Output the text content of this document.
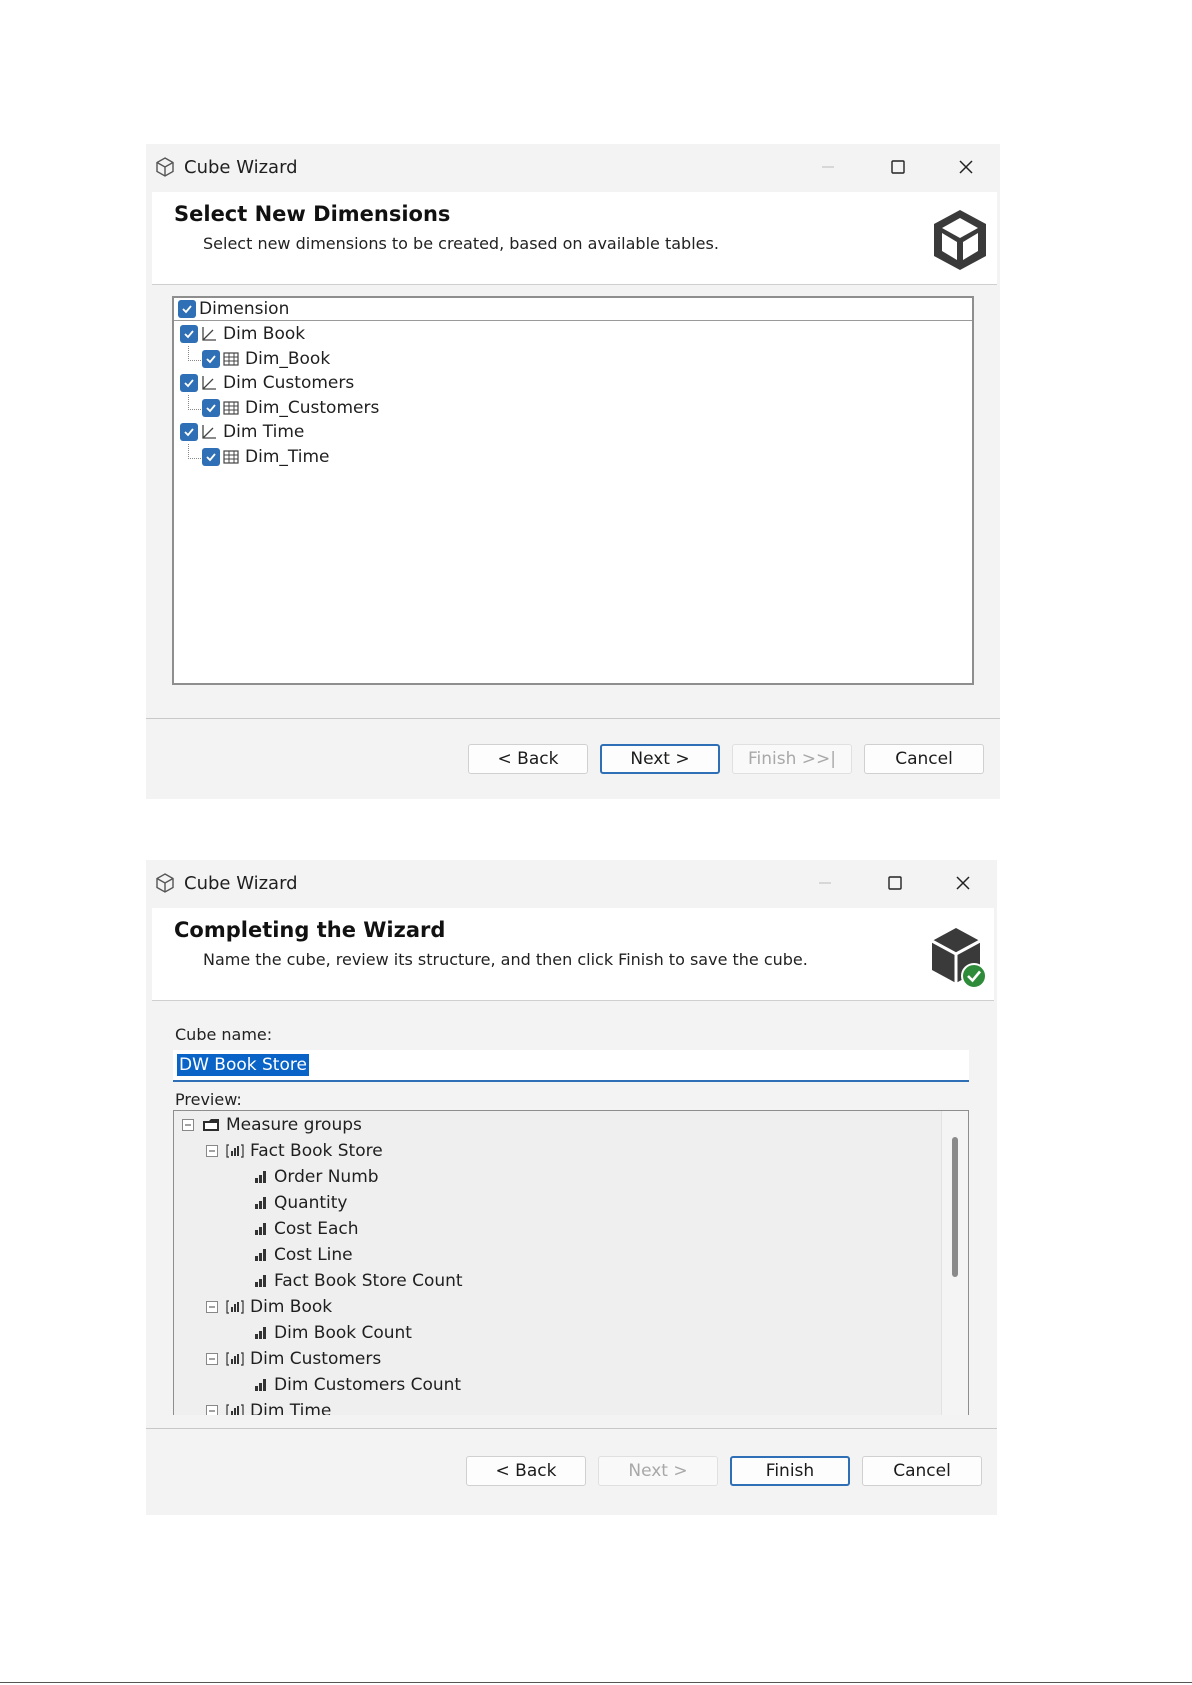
Cube Wizard
Select New Dimensions
Select new dimensions to be created, based on available tables.
Dimension
Dim Book
Dim_Book
Dim Customers
Dim_Customers
Dim Time
Dim_Time
< Back	Next >	Finish >>|	Cancel
Cube Wizard
Completing the Wizard
Name the cube, review its structure, and then click Finish to save the cube.
Cube name:
DW Book Store
Preview:
Measure groups
Fact Book Store
Order Numb
Quantity
Cost Each
Cost Line
Fact Book Store Count
Dim Book
Dim Book Count
Dim Customers
Dim Customers Count
Dim Time
< Back	Next >	Finish	Cancel
